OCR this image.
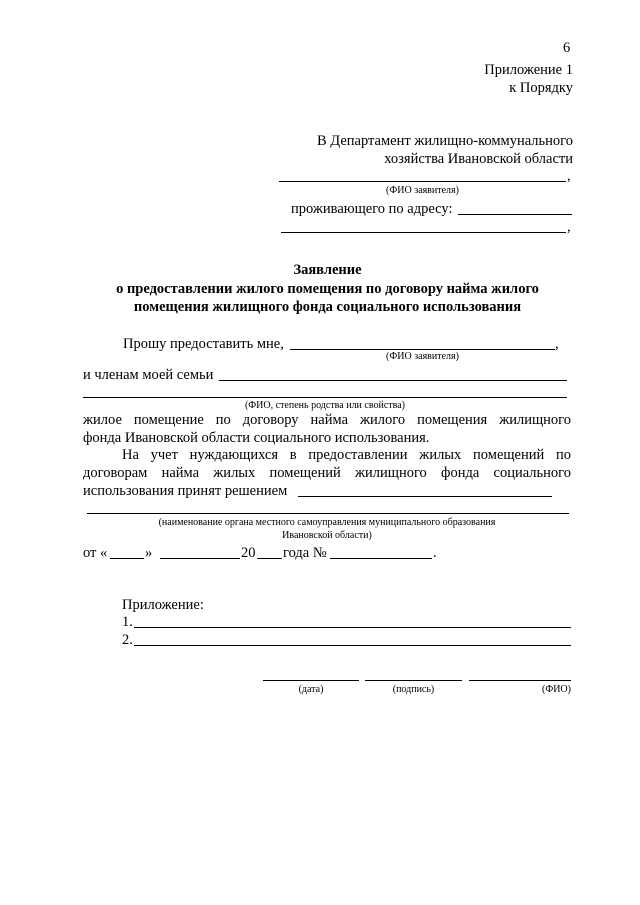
6
Приложение 1
к Порядку
В Департамент жилищно-коммунального
хозяйства Ивановской области
,
(ФИО заявителя)
проживающего по адресу:
,
Заявление
о предоставлении жилого помещения по договору найма жилого
помещения жилищного фонда социального использования
Прошу предоставить мне,	,
(ФИО заявителя)
и членам моей семьи
(ФИО, степень родства или свойства)
жилое помещение по договору найма жилого помещения жилищного
фонда Ивановской области социального использования.
На учет нуждающихся в предоставлении жилых помещений по
договорам найма жилых помещений жилищного фонда социального
использования принят решением
(наименование органа местного самоуправления муниципального образования
Ивановской области)
от «	»	20 года №	.
Приложение:
1.
2.
(дата)	(подпись)	(ФИО)
